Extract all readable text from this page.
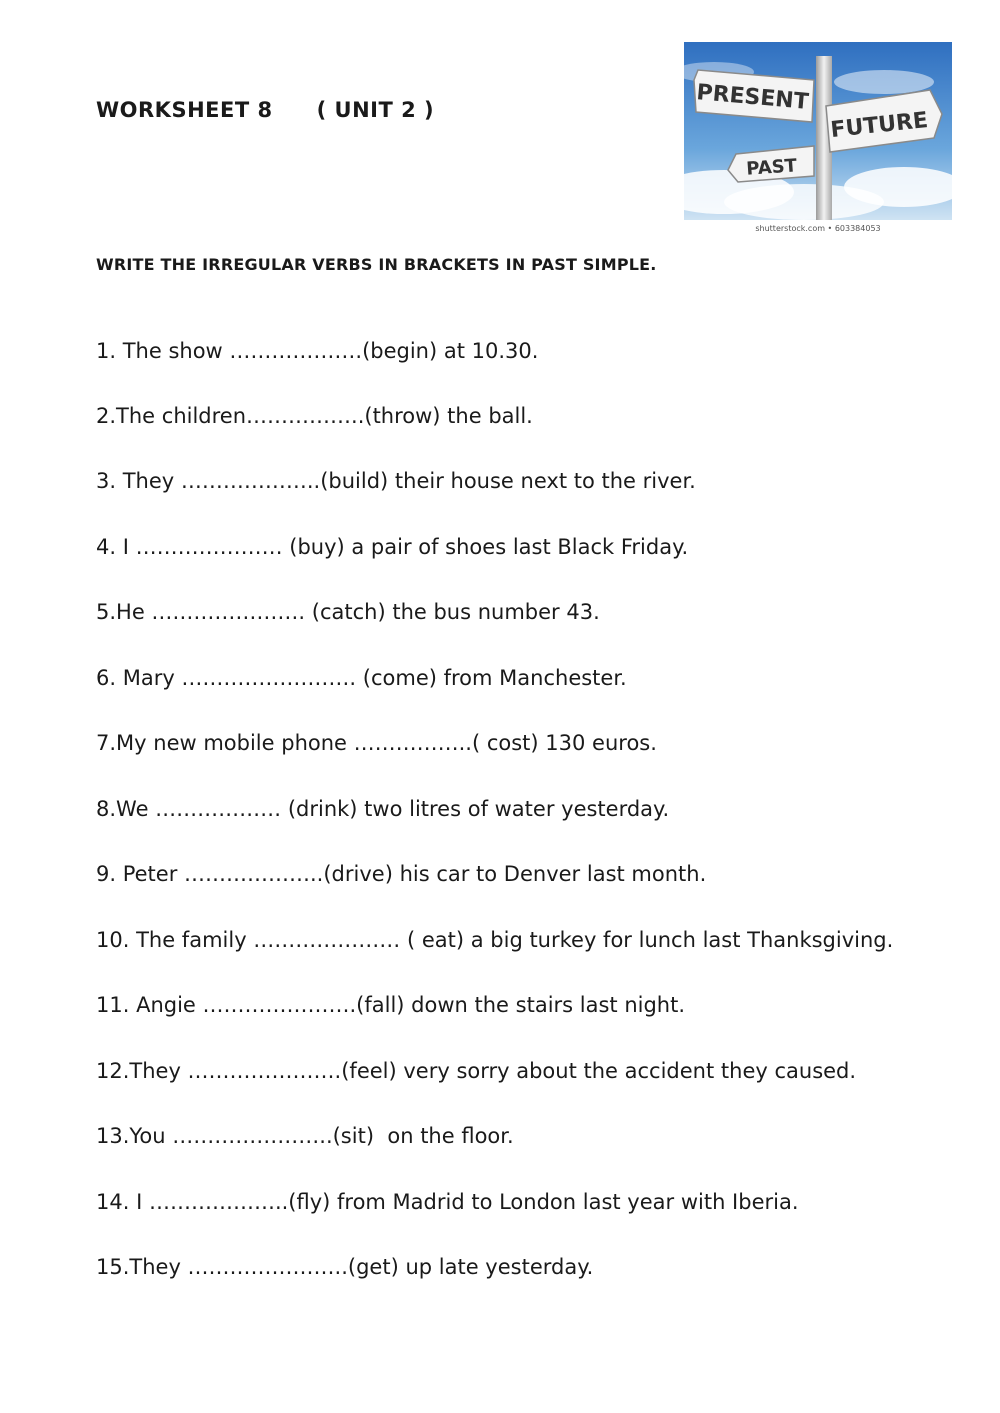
WORKSHEET 8 ( UNIT 2 )	PRESENT
FUTURE
PAST
shutterstock.com • 603384053
WRITE THE IRREGULAR VERBS IN BRACKETS IN PAST SIMPLE.
1. The show ……………….(begin) at 10.30.
2.The children……………..(throw) the ball.
3. They ………………..(build) their house next to the river.
4. I ………………… (buy) a pair of shoes last Black Friday.
5.He …………………. (catch) the bus number 43.
6. Mary ……………………. (come) from Manchester.
7.My new mobile phone ……………..( cost) 130 euros.
8.We ……………… (drink) two litres of water yesterday.
9. Peter ………………..(drive) his car to Denver last month.
10. The family ………………… ( eat) a big turkey for lunch last Thanksgiving.
11. Angie ………………….(fall) down the stairs last night.
12.They ………………….(feel) very sorry about the accident they caused.
13.You …………………..(sit)  on the floor.
14. I ………………..(fly) from Madrid to London last year with Iberia.
15.They …………………..(get) up late yesterday.
